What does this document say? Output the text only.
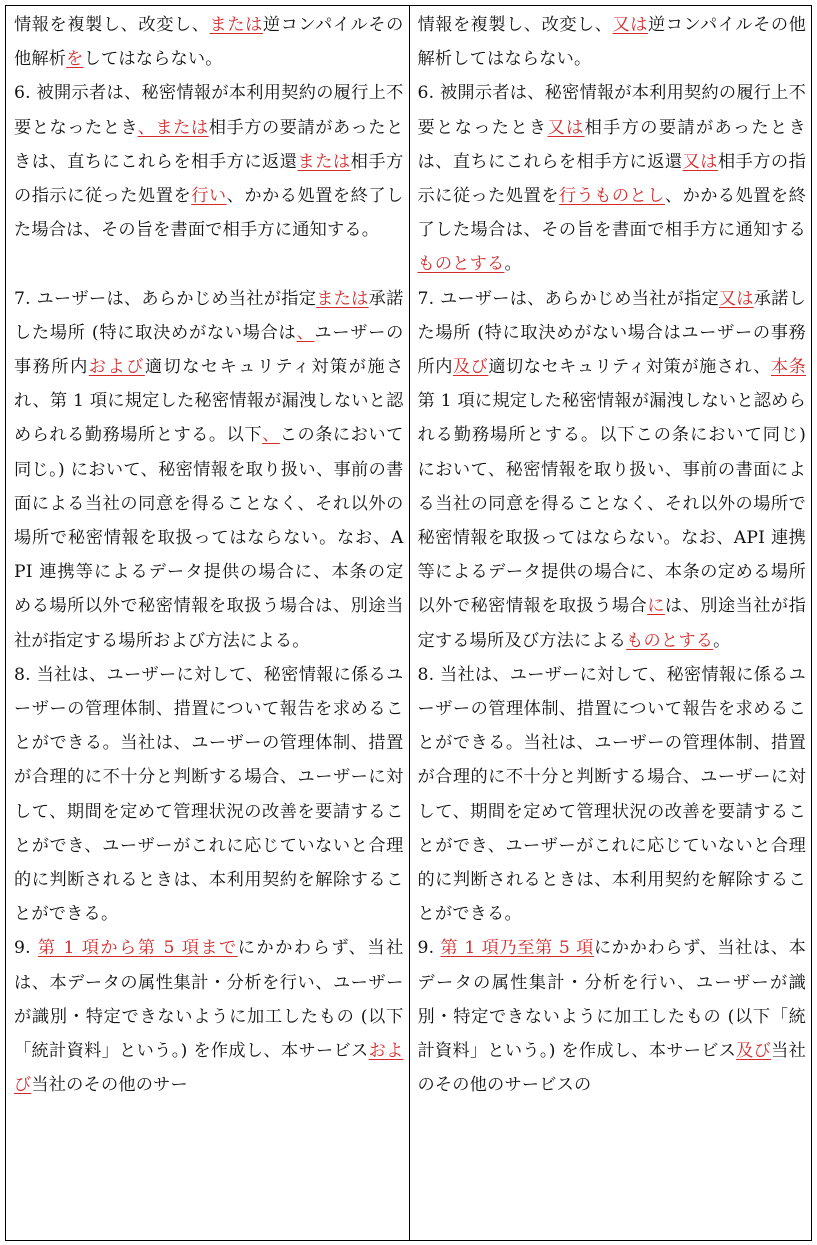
情報を複製し、改変し、または逆コンパイルその他解析をしてはならない。

6. 被開示者は、秘密情報が本利用契約の履行上不要となったとき、または相手方の要請があったときは、直ちにこれらを相手方に返還または相手方の指示に従った処置を行い、かかる処置を終了した場合は、その旨を書面で相手方に通知する。

7. ユーザーは、あらかじめ当社が指定または承諾した場所 (特に取決めがない場合は、ユーザーの事務所内および適切なセキュリティ対策が施され、第 1 項に規定した秘密情報が漏洩しないと認められる勤務場所とする。以下、この条において同じ。) において、秘密情報を取り扱い、事前の書面による当社の同意を得ることなく、それ以外の場所で秘密情報を取扱ってはならない。なお、API 連携等によるデータ提供の場合に、本条の定める場所以外で秘密情報を取扱う場合は、別途当社が指定する場所および方法による。

8. 当社は、ユーザーに対して、秘密情報に係るユーザーの管理体制、措置について報告を求めることができる。当社は、ユーザーの管理体制、措置が合理的に不十分と判断する場合、ユーザーに対して、期間を定めて管理状況の改善を要請することができ、ユーザーがこれに応じていないと合理的に判断されるときは、本利用契約を解除することができる。

9. 第 1 項から第 5 項までにかかわらず、当社は、本データの属性集計・分析を行い、ユーザーが識別・特定できないように加工したもの (以下「統計資料」という。) を作成し、本サービスおよび当社のその他のサー

情報を複製し、改変し、又は逆コンパイルその他解析してはならない。

6. 被開示者は、秘密情報が本利用契約の履行上不要となったとき又は相手方の要請があったときは、直ちにこれらを相手方に返還又は相手方の指示に従った処置を行うものとし、かかる処置を終了した場合は、その旨を書面で相手方に通知するものとする。

7. ユーザーは、あらかじめ当社が指定又は承諾した場所 (特に取決めがない場合はユーザーの事務所内及び適切なセキュリティ対策が施され、本条第 1 項に規定した秘密情報が漏洩しないと認められる勤務場所とする。以下この条において同じ) において、秘密情報を取り扱い、事前の書面による当社の同意を得ることなく、それ以外の場所で秘密情報を取扱ってはならない。なお、API 連携等によるデータ提供の場合に、本条の定める場所以外で秘密情報を取扱う場合には、別途当社が指定する場所及び方法によるものとする。

8. 当社は、ユーザーに対して、秘密情報に係るユーザーの管理体制、措置について報告を求めることができる。当社は、ユーザーの管理体制、措置が合理的に不十分と判断する場合、ユーザーに対して、期間を定めて管理状況の改善を要請することができ、ユーザーがこれに応じていないと合理的に判断されるときは、本利用契約を解除することができる。

9. 第 1 項乃至第 5 項にかかわらず、当社は、本データの属性集計・分析を行い、ユーザーが識別・特定できないように加工したもの (以下「統計資料」という。) を作成し、本サービス及び当社のその他のサービスの
